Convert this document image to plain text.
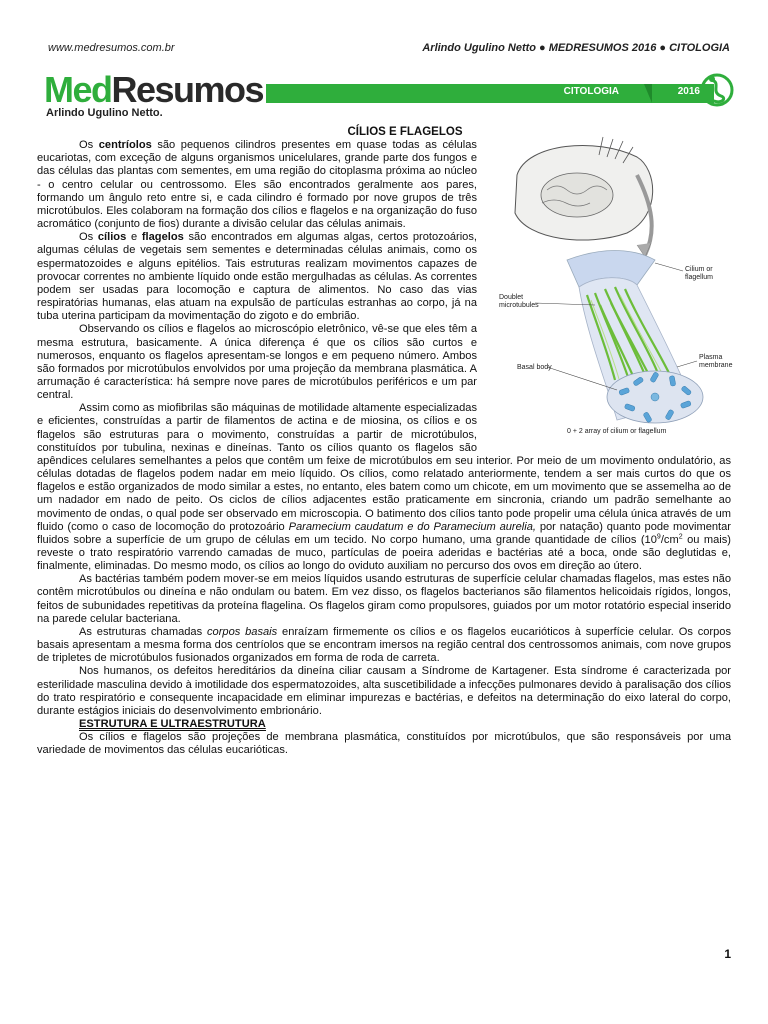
www.medresumos.com.br	Arlindo Ugulino Netto ● MEDRESUMOS 2016 ● CITOLOGIA
MedResumos
Arlindo Ugulino Netto.
CITOLOGIA	2016

CÍLIOS E FLAGELOS

Cilium or
flagellum
Doublet
microtubules
Plasma
membrane
Basal body
0 + 2 array of cilium or flagellum

Os centríolos são pequenos cilindros presentes em quase todas as células eucariotas, com exceção de alguns organismos unicelulares, grande parte dos fungos e das células das plantas com sementes, em uma região do citoplasma próxima ao núcleo - o centro celular ou centrossomo. Eles são encontrados geralmente aos pares, formando um ângulo reto entre si, e cada cilindro é formado por nove grupos de três microtúbulos. Eles colaboram na formação dos cílios e flagelos e na organização do fuso acromático (conjunto de fios) durante a divisão celular das células animais.

Os cílios e flagelos são encontrados em algumas algas, certos protozoários, algumas células de vegetais sem sementes e determinadas células animais, como os espermatozoides e alguns epitélios. Tais estruturas realizam movimentos capazes de provocar correntes no ambiente líquido onde estão mergulhadas as células. As correntes podem ser usadas para locomoção e captura de alimentos. No caso das vias respiratórias humanas, elas atuam na expulsão de partículas estranhas ao corpo, já na tuba uterina participam da movimentação do zigoto e do embrião.

Observando os cílios e flagelos ao microscópio eletrônico, vê-se que eles têm a mesma estrutura, basicamente. A única diferença é que os cílios são curtos e numerosos, enquanto os flagelos apresentam-se longos e em pequeno número. Ambos são formados por microtúbulos envolvidos por uma projeção da membrana plasmática. A arrumação é característica: há sempre nove pares de microtúbulos periféricos e um par central.

Assim como as miofibrilas são máquinas de motilidade altamente especializadas e eficientes, construídas a partir de filamentos de actina e de miosina, os cílios e os flagelos são estruturas para o movimento, construídas a partir de microtúbulos, constituídos por tubulina, nexinas e dineínas. Tanto os cílios quanto os flagelos são apêndices celulares semelhantes a pelos que contêm um feixe de microtúbulos em seu interior. Por meio de um movimento ondulatório, as células dotadas de flagelos podem nadar em meio líquido. Os cílios, como relatado anteriormente, tendem a ser mais curtos do que os flagelos e estão organizados de modo similar a estes, no entanto, eles batem como um chicote, em um movimento que se assemelha ao de um nadador em nado de peito. Os ciclos de cílios adjacentes estão praticamente em sincronia, criando um padrão semelhante ao movimento de ondas, o qual pode ser observado em microscopia. O batimento dos cílios tanto pode propelir uma célula única através de um fluido (como o caso de locomoção do protozoário Paramecium caudatum e do Paramecium aurelia, por natação) quanto pode movimentar fluidos sobre a superfície de um grupo de células em um tecido. No corpo humano, uma grande quantidade de cílios ($10^9/cm^2$ ou mais) reveste o trato respiratório varrendo camadas de muco, partículas de poeira aderidas e bactérias até a boca, onde são deglutidas e, finalmente, eliminadas. Do mesmo modo, os cílios ao longo do oviduto auxiliam no percurso dos ovos em direção ao útero.

As bactérias também podem mover-se em meios líquidos usando estruturas de superfície celular chamadas flagelos, mas estes não contêm microtúbulos ou dineína e não ondulam ou batem. Em vez disso, os flagelos bacterianos são filamentos helicoidais rígidos, longos, feitos de subunidades repetitivas da proteína flagelina. Os flagelos giram como propulsores, guiados por um motor rotatório especial inserido na parede celular bacteriana.

As estruturas chamadas corpos basais enraízam firmemente os cílios e os flagelos eucarióticos à superfície celular. Os corpos basais apresentam a mesma forma dos centríolos que se encontram imersos na região central dos centrossomos animais, com nove grupos de tripletes de microtúbulos fusionados organizados em forma de roda de carreta.

Nos humanos, os defeitos hereditários da dineína ciliar causam a Síndrome de Kartagener. Esta síndrome é caracterizada por esterilidade masculina devido à imotilidade dos espermatozoides, alta suscetibilidade a infecções pulmonares devido à paralisação dos cílios do trato respiratório e consequente incapacidade em eliminar impurezas e bactérias, e defeitos na determinação do eixo lateral do corpo, durante estágios iniciais do desenvolvimento embrionário.

ESTRUTURA E ULTRAESTRUTURA

Os cílios e flagelos são projeções de membrana plasmática, constituídos por microtúbulos, que são responsáveis por uma variedade de movimentos das células eucarióticas.

1
